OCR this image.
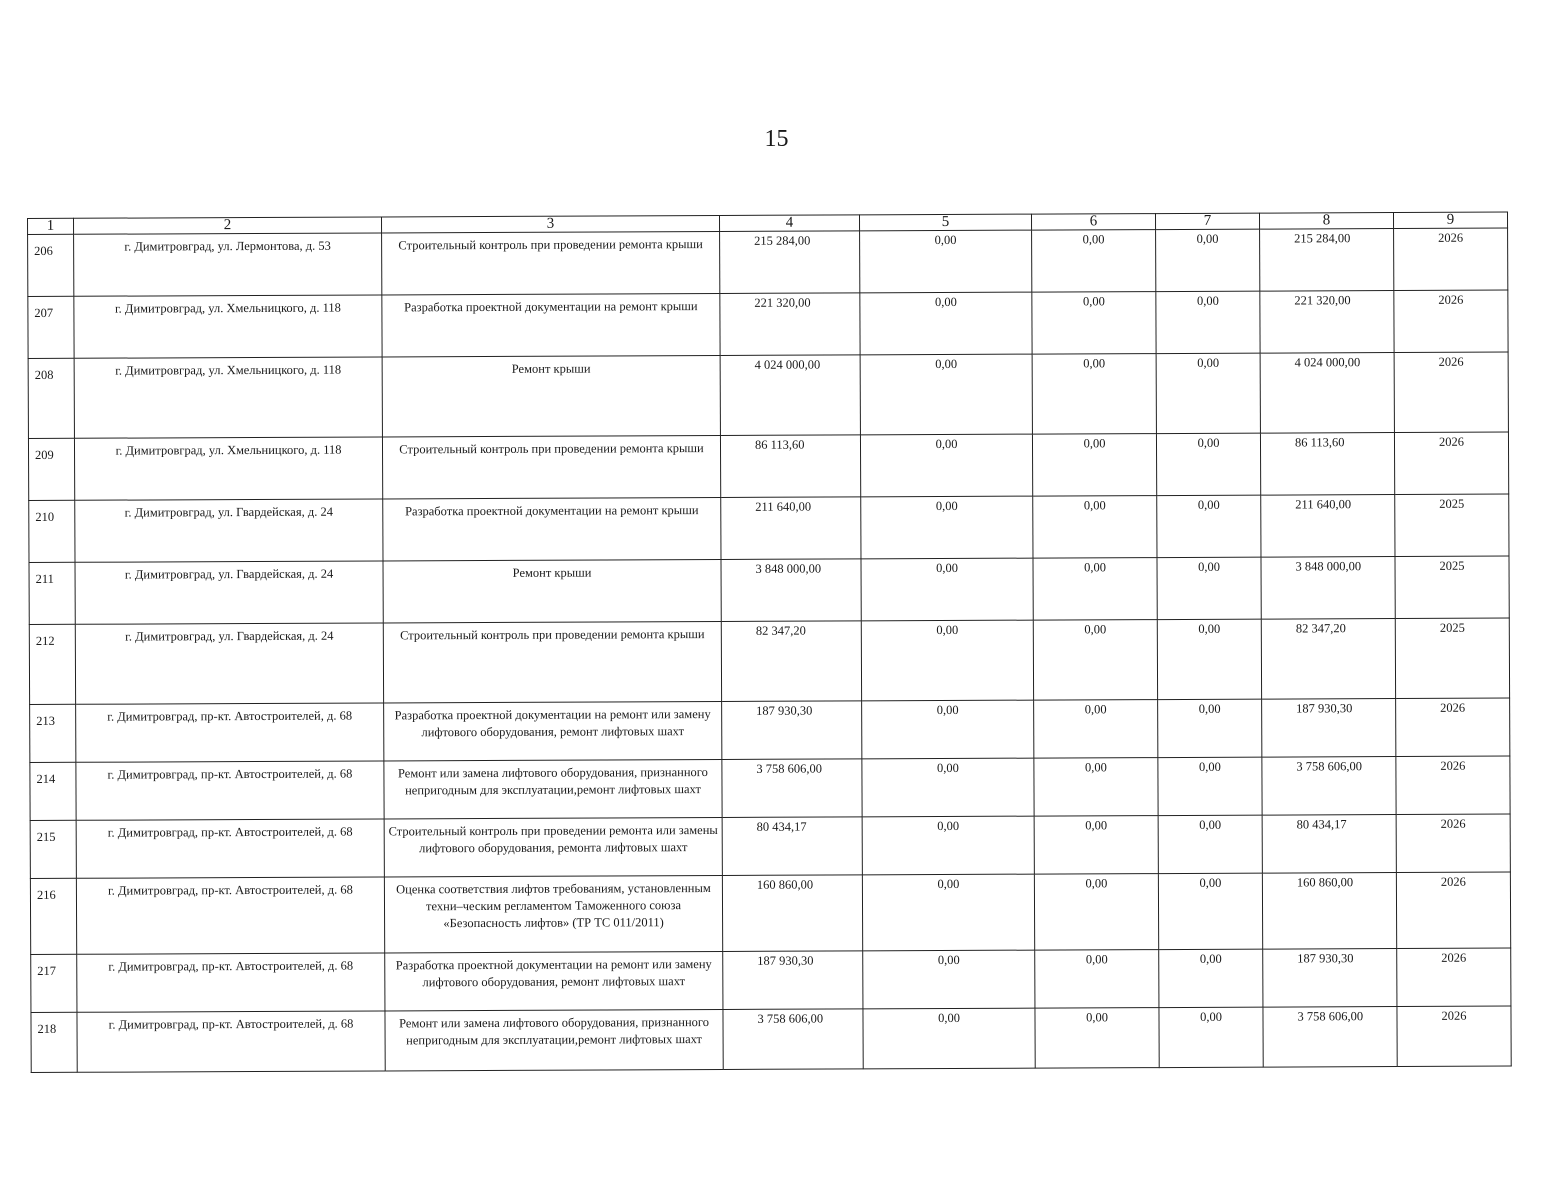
15
1	2	3	4	5	6	7	8	9
206	г. Димитровград, ул. Лермонтова, д. 53	Строительный контроль при проведении ремонта крыши	215 284,00	0,00	0,00	0,00	215 284,00	2026
207	г. Димитровград, ул. Хмельницкого, д. 118	Разработка проектной документации на ремонт крыши	221 320,00	0,00	0,00	0,00	221 320,00	2026
208	г. Димитровград, ул. Хмельницкого, д. 118	Ремонт крыши	4 024 000,00	0,00	0,00	0,00	4 024 000,00	2026
209	г. Димитровград, ул. Хмельницкого, д. 118	Строительный контроль при проведении ремонта крыши	86 113,60	0,00	0,00	0,00	86 113,60	2026
210	г. Димитровград, ул. Гвардейская, д. 24	Разработка проектной документации на ремонт крыши	211 640,00	0,00	0,00	0,00	211 640,00	2025
211	г. Димитровград, ул. Гвардейская, д. 24	Ремонт крыши	3 848 000,00	0,00	0,00	0,00	3 848 000,00	2025
212	г. Димитровград, ул. Гвардейская, д. 24	Строительный контроль при проведении ремонта крыши	82 347,20	0,00	0,00	0,00	82 347,20	2025
213	г. Димитровград, пр-кт. Автостроителей, д. 68	Разработка проектной документации на ремонт или замену лифтового оборудования, ремонт лифтовых шахт	187 930,30	0,00	0,00	0,00	187 930,30	2026
214	г. Димитровград, пр-кт. Автостроителей, д. 68	Ремонт или замена лифтового оборудования, признанного непригодным для эксплуатации,ремонт лифтовых шахт	3 758 606,00	0,00	0,00	0,00	3 758 606,00	2026
215	г. Димитровград, пр-кт. Автостроителей, д. 68	Строительный контроль при проведении ремонта или замены лифтового оборудования, ремонта лифтовых шахт	80 434,17	0,00	0,00	0,00	80 434,17	2026
216	г. Димитровград, пр-кт. Автостроителей, д. 68	Оценка соответствия лифтов требованиям, установленным техни–ческим регламентом Таможенного союза «Безопасность лифтов» (ТР ТС 011/2011)	160 860,00	0,00	0,00	0,00	160 860,00	2026
217	г. Димитровград, пр-кт. Автостроителей, д. 68	Разработка проектной документации на ремонт или замену лифтового оборудования, ремонт лифтовых шахт	187 930,30	0,00	0,00	0,00	187 930,30	2026
218	г. Димитровград, пр-кт. Автостроителей, д. 68	Ремонт или замена лифтового оборудования, признанного непригодным для эксплуатации,ремонт лифтовых шахт	3 758 606,00	0,00	0,00	0,00	3 758 606,00	2026
